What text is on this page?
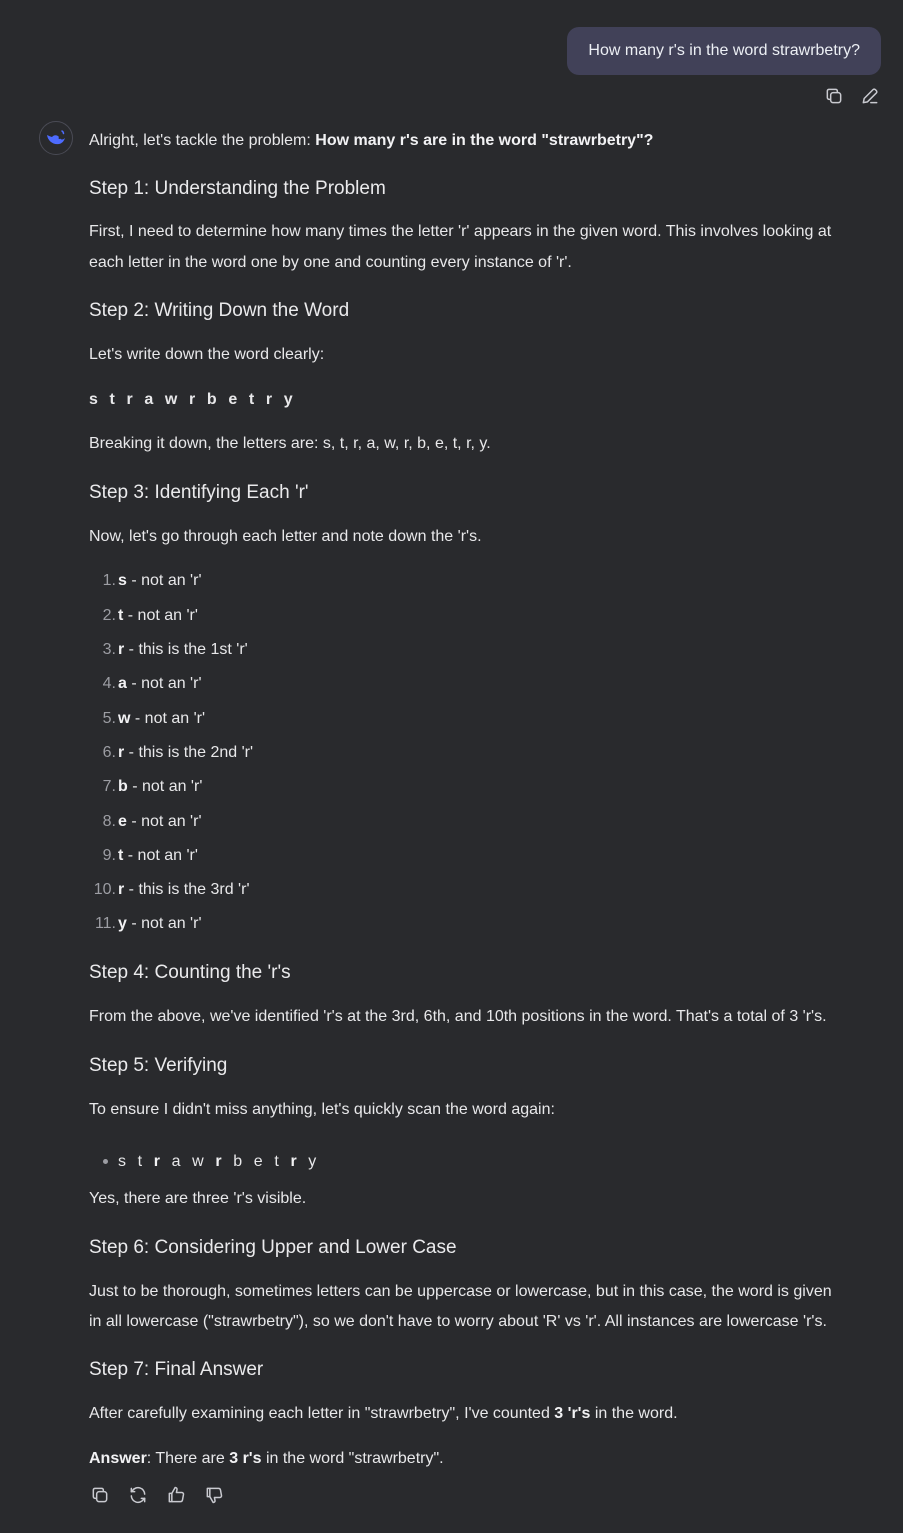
How many r's in the word strawrbetry?

Alright, let's tackle the problem: How many r's are in the word "strawrbetry"?

Step 1: Understanding the Problem

First, I need to determine how many times the letter 'r' appears in the given word. This involves looking at

each letter in the word one by one and counting every instance of 'r'.

Step 2: Writing Down the Word

Let's write down the word clearly:

s t r a w r b e t r y

Breaking it down, the letters are: s, t, r, a, w, r, b, e, t, r, y.

Step 3: Identifying Each 'r'

Now, let's go through each letter and note down the 'r's.

1. s - not an 'r'
2. t - not an 'r'
3. r - this is the 1st 'r'
4. a - not an 'r'
5. w - not an 'r'
6. r - this is the 2nd 'r'
7. b - not an 'r'
8. e - not an 'r'
9. t - not an 'r'
10. r - this is the 3rd 'r'
11. y - not an 'r'
Step 4: Counting the 'r's

From the above, we've identified 'r's at the 3rd, 6th, and 10th positions in the word. That's a total of 3 'r's.

Step 5: Verifying

To ensure I didn't miss anything, let's quickly scan the word again:

s t r a w r b e t r y

Yes, there are three 'r's visible.

Step 6: Considering Upper and Lower Case

Just to be thorough, sometimes letters can be uppercase or lowercase, but in this case, the word is given

in all lowercase ("strawrbetry"), so we don't have to worry about 'R' vs 'r'. All instances are lowercase 'r's.

Step 7: Final Answer

After carefully examining each letter in "strawrbetry", I've counted 3 'r's in the word.

Answer: There are 3 r's in the word "strawrbetry".
